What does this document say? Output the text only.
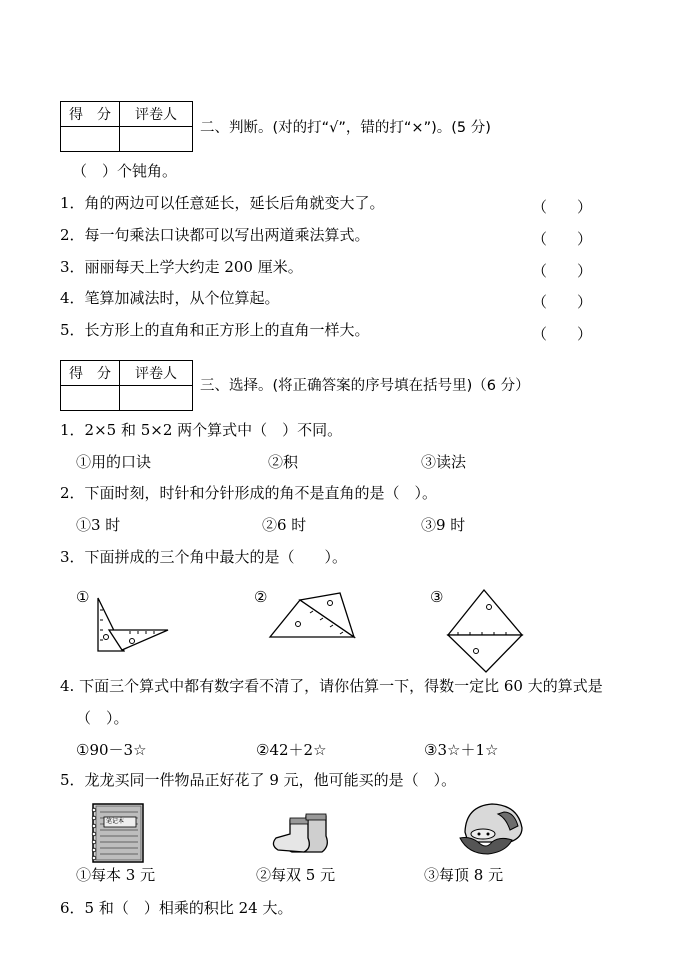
得　分	评卷人

二、判断。(对的打“√”，错的打“×”)。(5 分)
（　）个钝角。
1．角的两边可以任意延长，延长后角就变大了。	（　　）
2．每一句乘法口诀都可以写出两道乘法算式。	（　　）
3．丽丽每天上学大约走 200 厘米。	（　　）
4．笔算加减法时，从个位算起。	（　　）
5．长方形上的直角和正方形上的直角一样大。	（　　）
得　分	评卷人

三、选择。(将正确答案的序号填在括号里)（6 分）
1．2×5 和 5×2 两个算式中（　）不同。
①用的口诀	②积	③读法
2．下面时刻，时针和分针形成的角不是直角的是（　）。
①3 时	②6 时	③9 时
3．下面拼成的三个角中最大的是（　　）。
①	②	③
4. 下面三个算式中都有数字看不清了，请你估算一下，得数一定比 60 大的算式是
（　）。
①90－3☆	②42＋2☆	③3☆＋1☆
5．龙龙买同一件物品正好花了 9 元，他可能买的是（　）。
笔记本
①每本 3 元	②每双 5 元	③每顶 8 元
6．5 和（　）相乘的积比 24 大。
